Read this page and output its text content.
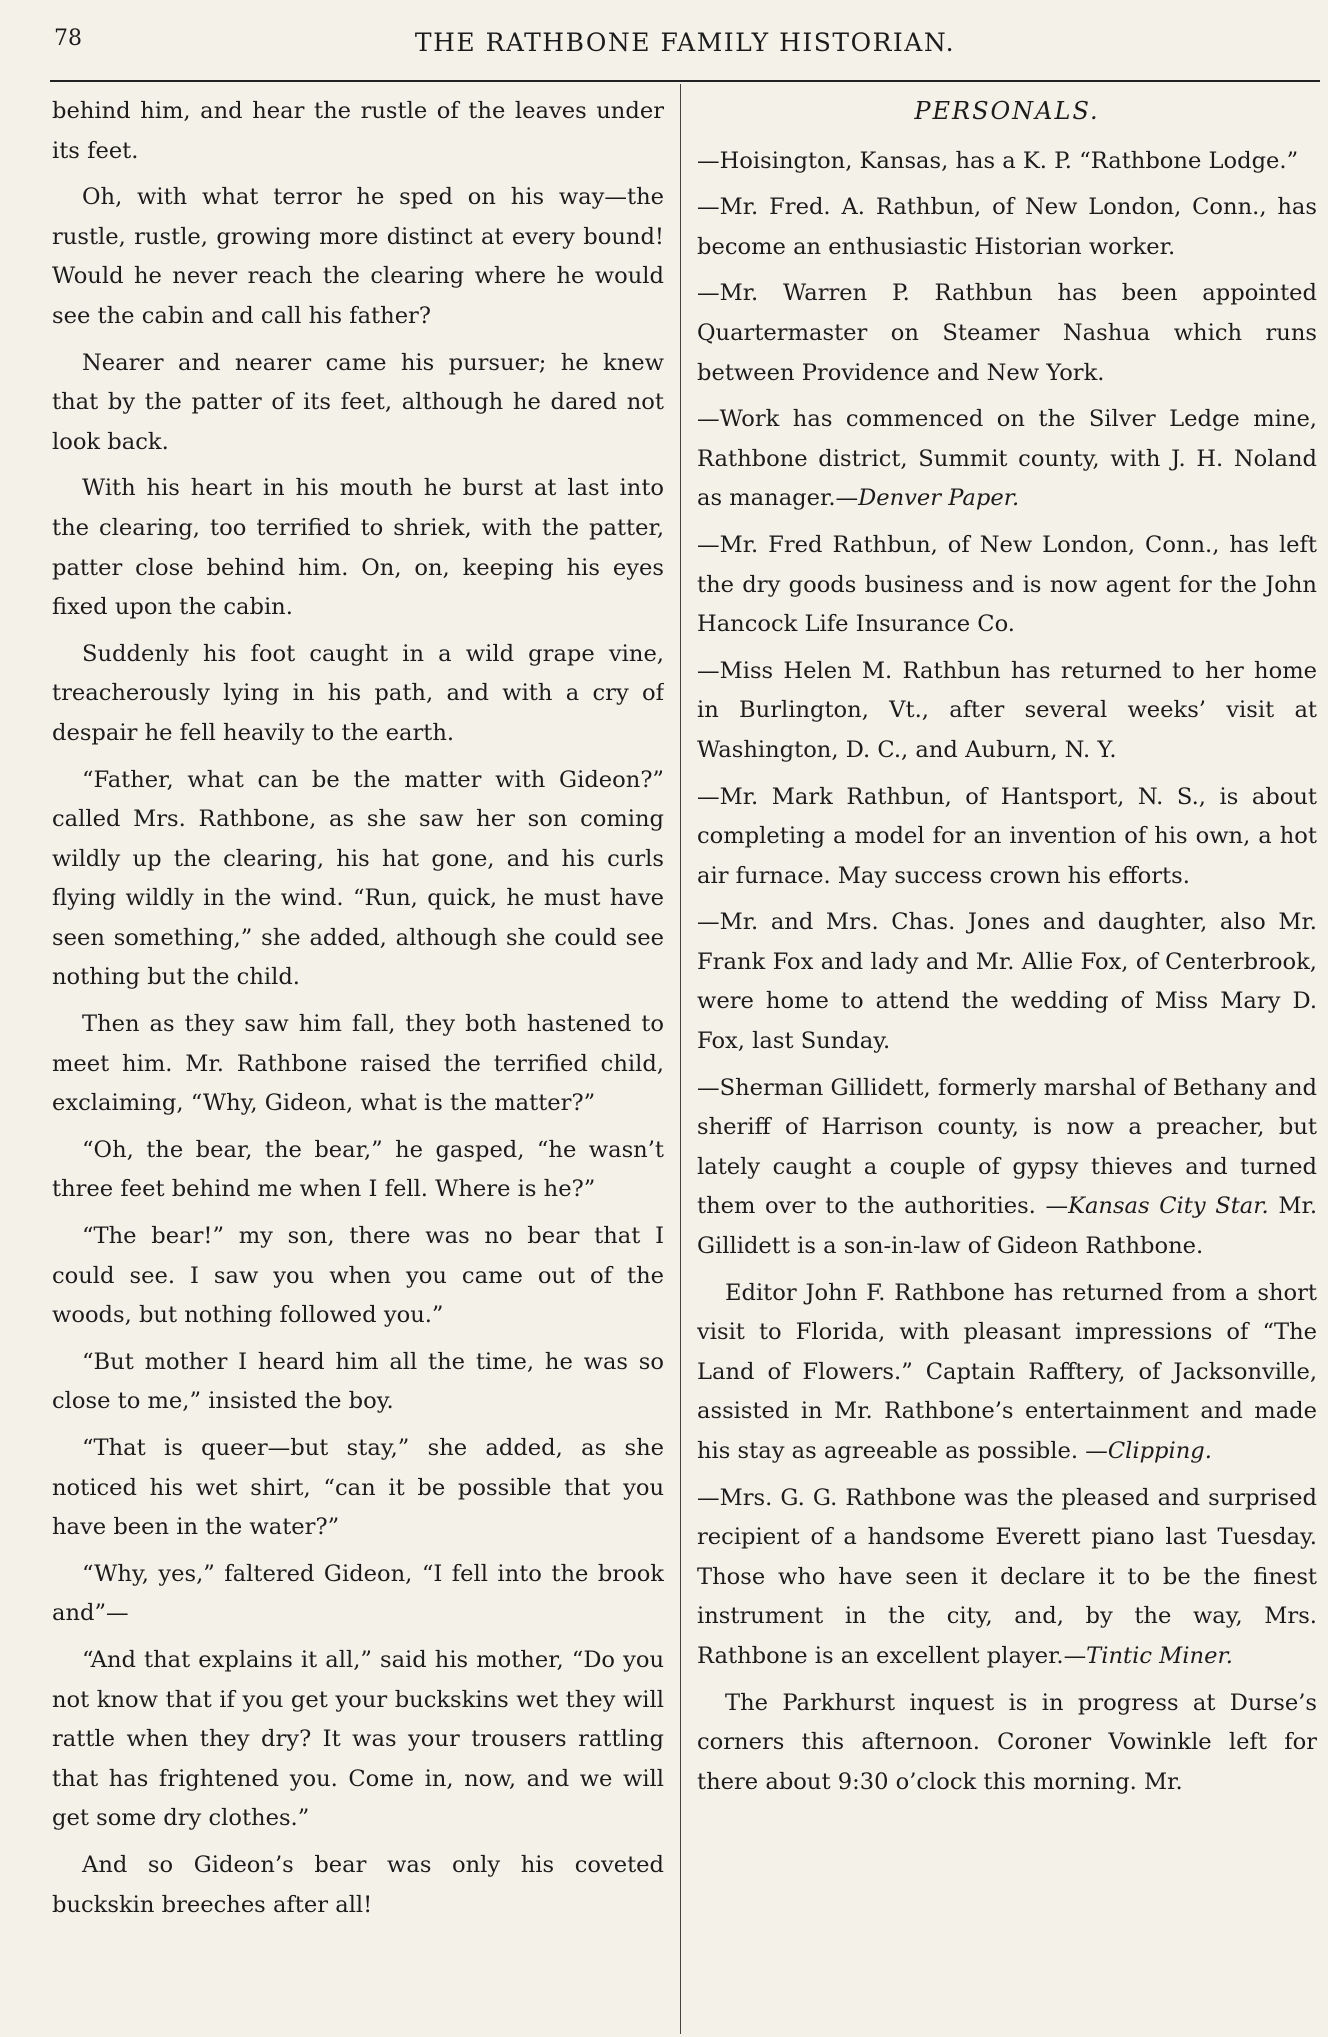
78	THE RATHBONE FAMILY HISTORIAN.

behind him, and hear the rustle of the leaves under its feet.

Oh, with what terror he sped on his way—the rustle, rustle, growing more distinct at every bound! Would he never reach the clearing where he would see the cabin and call his father?

Nearer and nearer came his pursuer; he knew that by the patter of its feet, although he dared not look back.

With his heart in his mouth he burst at last into the clearing, too terrified to shriek, with the patter, patter close behind him. On, on, keeping his eyes fixed upon the cabin.

Suddenly his foot caught in a wild grape vine, treacherously lying in his path, and with a cry of despair he fell heavily to the earth.

“Father, what can be the matter with Gideon?” called Mrs. Rathbone, as she saw her son coming wildly up the clearing, his hat gone, and his curls flying wildly in the wind. “Run, quick, he must have seen something,” she added, although she could see nothing but the child.

Then as they saw him fall, they both hastened to meet him. Mr. Rathbone raised the terrified child, exclaiming, “Why, Gideon, what is the matter?”

“Oh, the bear, the bear,” he gasped, “he wasn’t three feet behind me when I fell. Where is he?”

“The bear!” my son, there was no bear that I could see. I saw you when you came out of the woods, but nothing followed you.”

“But mother I heard him all the time, he was so close to me,” insisted the boy.

“That is queer—but stay,” she added, as she noticed his wet shirt, “can it be possible that you have been in the water?”

“Why, yes,” faltered Gideon, “I fell into the brook and”—

“And that explains it all,” said his mother, “Do you not know that if you get your buckskins wet they will rattle when they dry? It was your trousers rattling that has frightened you. Come in, now, and we will get some dry clothes.”

And so Gideon’s bear was only his coveted buckskin breeches after all!

PERSONALS.

—Hoisington, Kansas, has a K. P. “Rathbone Lodge.”

—Mr. Fred. A. Rathbun, of New London, Conn., has become an enthusiastic Historian worker.

—Mr. Warren P. Rathbun has been appointed Quartermaster on Steamer Nashua which runs between Providence and New York.

—Work has commenced on the Silver Ledge mine, Rathbone district, Summit county, with J. H. Noland as manager.—Denver Paper.

—Mr. Fred Rathbun, of New London, Conn., has left the dry goods business and is now agent for the John Hancock Life Insurance Co.

—Miss Helen M. Rathbun has returned to her home in Burlington, Vt., after several weeks’ visit at Washington, D. C., and Auburn, N. Y.

—Mr. Mark Rathbun, of Hantsport, N. S., is about completing a model for an invention of his own, a hot air furnace. May success crown his efforts.

—Mr. and Mrs. Chas. Jones and daughter, also Mr. Frank Fox and lady and Mr. Allie Fox, of Centerbrook, were home to attend the wedding of Miss Mary D. Fox, last Sunday.

—Sherman Gillidett, formerly marshal of Bethany and sheriff of Harrison county, is now a preacher, but lately caught a couple of gypsy thieves and turned them over to the authorities. —Kansas City Star. Mr. Gillidett is a son-in-law of Gideon Rathbone.

Editor John F. Rathbone has returned from a short visit to Florida, with pleasant impressions of “The Land of Flowers.” Captain Rafftery, of Jacksonville, assisted in Mr. Rathbone’s entertainment and made his stay as agreeable as possible. —Clipping.

—Mrs. G. G. Rathbone was the pleased and surprised recipient of a handsome Everett piano last Tuesday. Those who have seen it declare it to be the finest instrument in the city, and, by the way, Mrs. Rathbone is an excellent player.—Tintic Miner.

The Parkhurst inquest is in progress at Durse’s corners this afternoon. Coroner Vowinkle left for there about 9:30 o’clock this morning. Mr.
